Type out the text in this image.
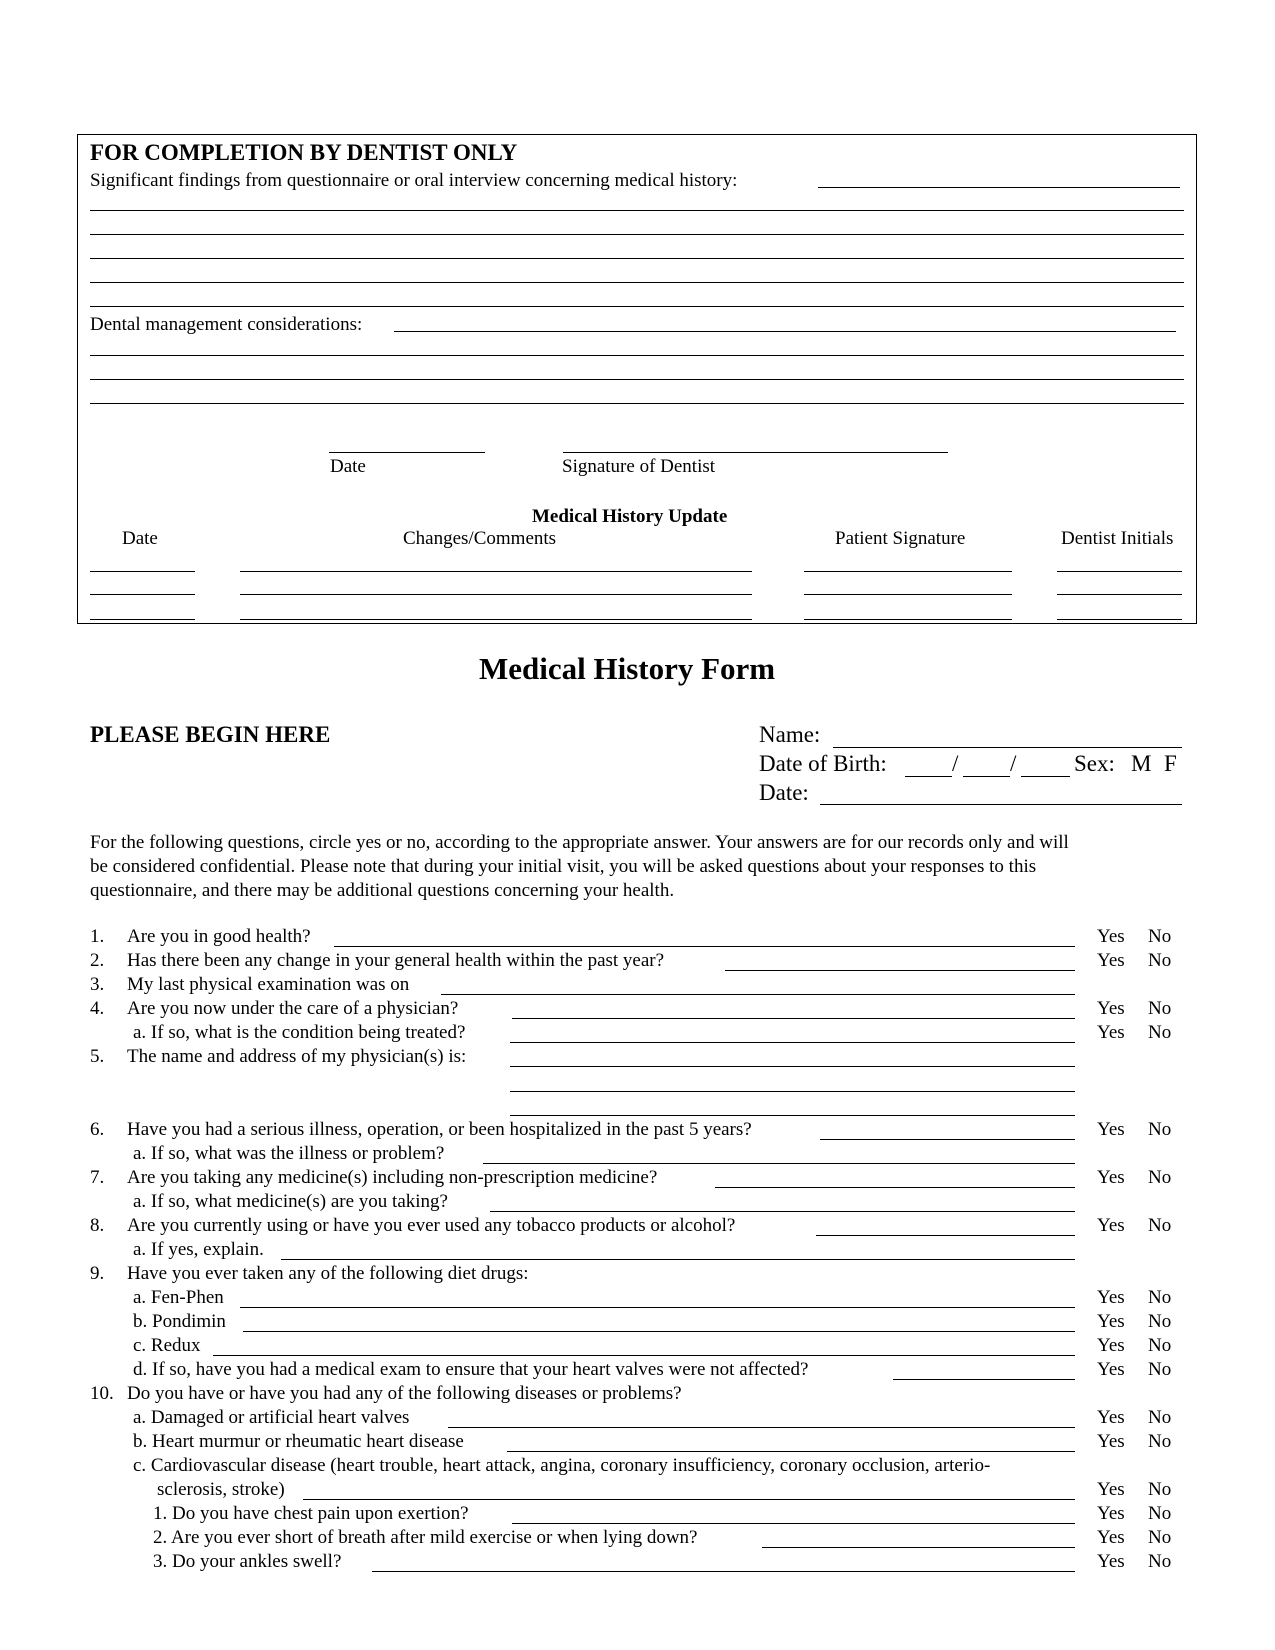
FOR COMPLETION BY DENTIST ONLY
Significant findings from questionnaire or oral interview concerning medical history:
Dental management considerations:
Date	Signature of Dentist
Medical History Update
Date	Changes/Comments	Patient Signature	Dentist Initials
Medical History Form
PLEASE BEGIN HERE	Name:
Date of Birth:	/ /	Sex: M F
Date:
For the following questions, circle yes or no, according to the appropriate answer. Your answers are for our records only and will
be considered confidential. Please note that during your initial visit, you will be asked questions about your responses to this
questionnaire, and there may be additional questions concerning your health.
1. Are you in good health?	Yes No
2. Has there been any change in your general health within the past year?	Yes No
3. My last physical examination was on
4. Are you now under the care of a physician?	Yes No
a. If so, what is the condition being treated?	Yes No
5. The name and address of my physician(s) is:
6. Have you had a serious illness, operation, or been hospitalized in the past 5 years?	Yes No
a. If so, what was the illness or problem?
7. Are you taking any medicine(s) including non-prescription medicine?	Yes No
a. If so, what medicine(s) are you taking?
8. Are you currently using or have you ever used any tobacco products or alcohol?	Yes No
a. If yes, explain.
9. Have you ever taken any of the following diet drugs:
a. Fen-Phen	Yes No
b. Pondimin	Yes No
c. Redux	Yes No
d. If so, have you had a medical exam to ensure that your heart valves were not affected?	Yes No
10. Do you have or have you had any of the following diseases or problems?
a. Damaged or artificial heart valves	Yes No
b. Heart murmur or rheumatic heart disease	Yes No
c. Cardiovascular disease (heart trouble, heart attack, angina, coronary insufficiency, coronary occlusion, arterio-
sclerosis, stroke)	Yes No
1. Do you have chest pain upon exertion?	Yes No
2. Are you ever short of breath after mild exercise or when lying down?	Yes No
3. Do your ankles swell?	Yes No
